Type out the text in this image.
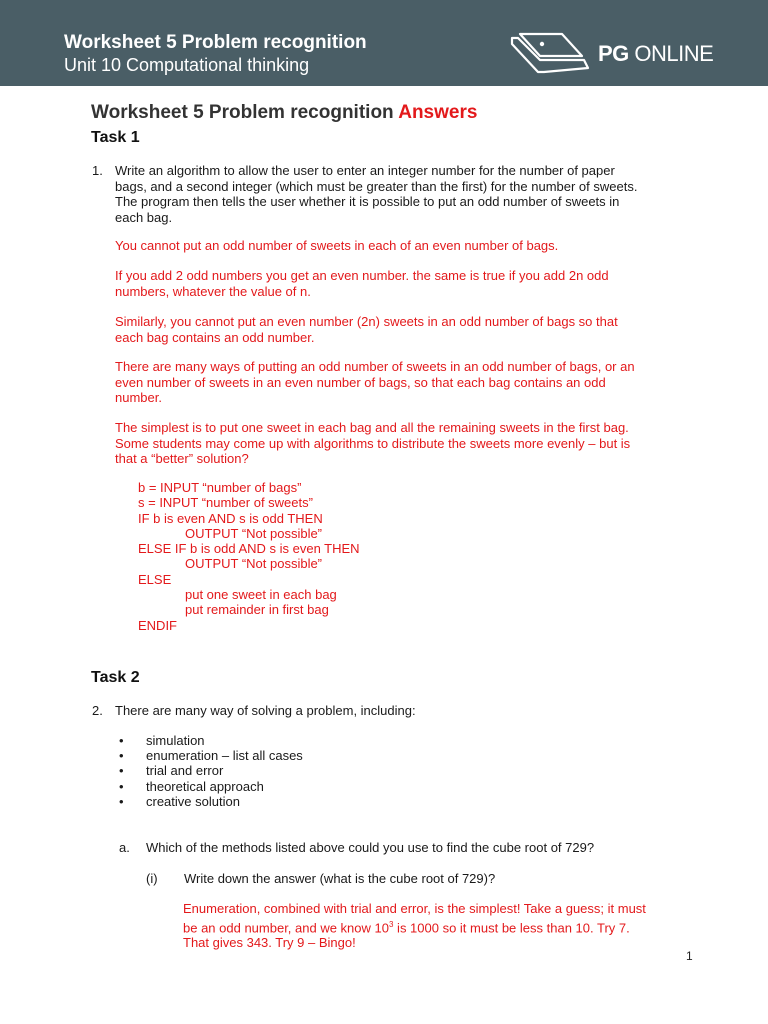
Worksheet 5 Problem recognition
Unit 10 Computational thinking	PG ONLINE
Worksheet 5 Problem recognition Answers
Task 1
1. Write an algorithm to allow the user to enter an integer number for the number of paper
bags, and a second integer (which must be greater than the first) for the number of sweets.
The program then tells the user whether it is possible to put an odd number of sweets in
each bag.
You cannot put an odd number of sweets in each of an even number of bags.
If you add 2 odd numbers you get an even number. the same is true if you add 2n odd
numbers, whatever the value of n.
Similarly, you cannot put an even number (2n) sweets in an odd number of bags so that
each bag contains an odd number.
There are many ways of putting an odd number of sweets in an odd number of bags, or an
even number of sweets in an even number of bags, so that each bag contains an odd
number.
The simplest is to put one sweet in each bag and all the remaining sweets in the first bag.
Some students may come up with algorithms to distribute the sweets more evenly – but is
that a “better” solution?
b = INPUT “number of bags”
s = INPUT “number of sweets”
IF b is even AND s is odd THEN
OUTPUT “Not possible”
ELSE IF b is odd AND s is even THEN
OUTPUT “Not possible”
ELSE
put one sweet in each bag
put remainder in first bag
ENDIF
Task 2
2. There are many way of solving a problem, including:
• simulation
• enumeration – list all cases
• trial and error
• theoretical approach
• creative solution
a. Which of the methods listed above could you use to find the cube root of 729?
(i) Write down the answer (what is the cube root of 729)?
Enumeration, combined with trial and error, is the simplest! Take a guess; it must
be an odd number, and we know $10^3$ is 1000 so it must be less than 10. Try 7.
That gives 343. Try 9 – Bingo!
1
